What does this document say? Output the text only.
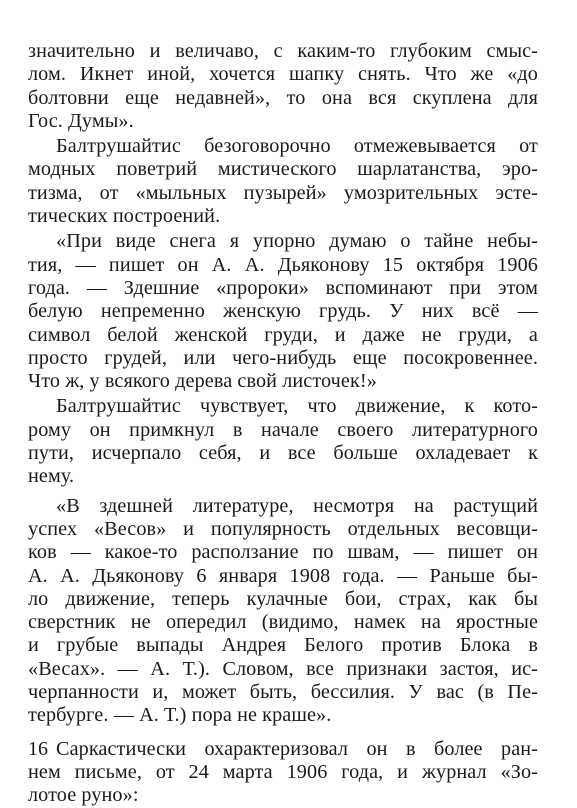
значительно и величаво, с каким-то глубоким смыс-
лом. Икнет иной, хочется шапку снять. Что же «до
болтовни еще недавней», то она вся скуплена для
Гос. Думы».
Балтрушайтис безоговорочно отмежевывается от
модных поветрий мистического шарлатанства, эро-
тизма, от «мыльных пузырей» умозрительных эсте-
тических построений.
«При виде снега я упорно думаю о тайне небы-
тия, — пишет он А. А. Дьяконову 15 октября 1906
года. — Здешние «пророки» вспоминают при этом
белую непременно женскую грудь. У них всё —
символ белой женской груди, и даже не груди, а
просто грудей, или чего-нибудь еще посокровеннее.
Что ж, у всякого дерева свой листочек!»
Балтрушайтис чувствует, что движение, к кото-
рому он примкнул в начале своего литературного
пути, исчерпало себя, и все больше охладевает к
нему.
«В здешней литературе, несмотря на растущий
успех «Весов» и популярность отдельных весовщи-
ков — какое-то расползание по швам, — пишет он
А. А. Дьяконову 6 января 1908 года. — Раньше бы-
ло движение, теперь кулачные бои, страх, как бы
сверстник не опередил (видимо, намек на яростные
и грубые выпады Андрея Белого против Блока в
«Весах». — А. Т.). Словом, все признаки застоя, ис-
черпанности и, может быть, бессилия. У вас (в Пе-
тербурге. — А. Т.) пора не краше».
Саркастически охарактеризовал он в более ран-
нем письме, от 24 марта 1906 года, и журнал «Зо-
лотое руно»:
16
